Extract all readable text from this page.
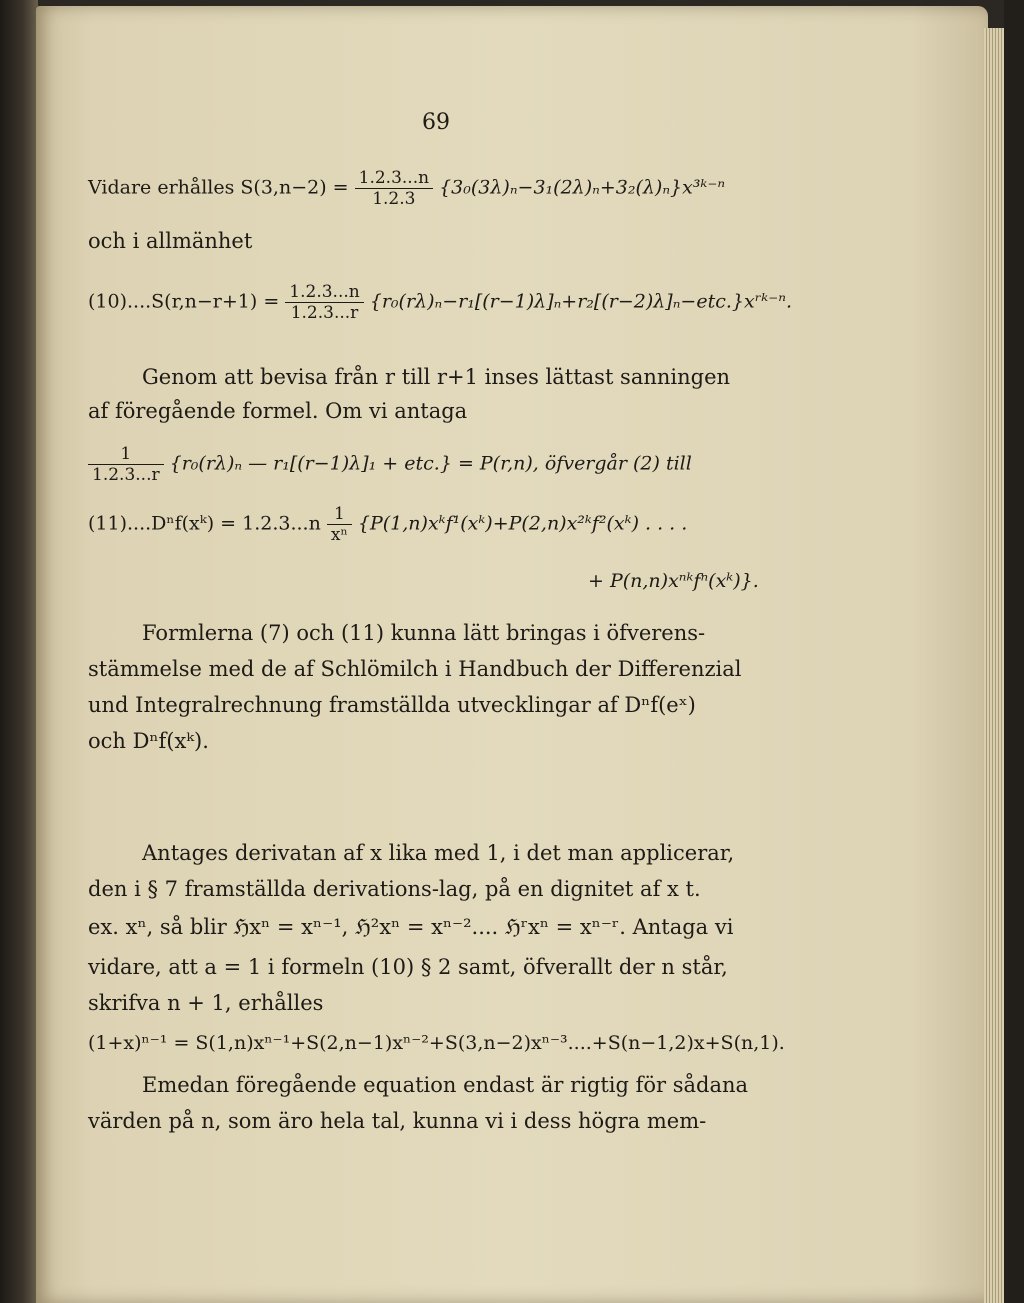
69
Vidare erhålles $S(3,n-2) = \frac{1.2.3...n}{1.2.3}$ {3₀(3λ)ₙ−3₁(2λ)ₙ+3₂(λ)ₙ}x³ᵏ⁻ⁿ
och i allmänhet
$(10)....S(r,n-r+1) = \frac{1.2.3...n}{1.2.3...r}$ {r₀(rλ)ₙ−r₁[(r−1)λ]ₙ+r₂[(r−2)λ]ₙ−etc.}xʳᵏ⁻ⁿ.
Genom att bevisa från r till r+1 inses lättast sanningen
af föregående formel. Om vi antaga
$\frac{1}{1.2.3...r} \{r_0(r\lambda)_n$ — r₁[(r−1)λ]₁ + etc.} = P(r,n), öfvergår (2) till
(11)....Dⁿf(xᵏ) = $1.2.3...n \frac{1}{\text{xⁿ}}$ {P(1,n)xᵏf¹(xᵏ)+P(2,n)x²ᵏf²(xᵏ) . . . .
+ P(n,n)xⁿᵏfⁿ(xᵏ)}.
Formlerna (7) och (11) kunna lätt bringas i öfverens-
stämmelse med de af Schlömilch i Handbuch der Differenzial
und Integralrechnung framställda utvecklingar af Dⁿf(eˣ)
och Dⁿf(xᵏ).
Antages derivatan af x lika med 1, i det man applicerar,
den i § 7 framställda derivations-lag, på en dignitet af x t.
ex. xⁿ, så blir ℌxⁿ = xⁿ⁻¹, ℌ²xⁿ = xⁿ⁻².... ℌʳxⁿ = xⁿ⁻ʳ. Antaga vi
vidare, att a = 1 i formeln (10) § 2 samt, öfverallt der n står,
skrifva n + 1, erhålles
(1+x)ⁿ⁻¹ = S(1,n)xⁿ⁻¹+S(2,n−1)xⁿ⁻²+S(3,n−2)xⁿ⁻³....+S(n−1,2)x+S(n,1).
Emedan föregående equation endast är rigtig för sådana
värden på n, som äro hela tal, kunna vi i dess högra mem-
